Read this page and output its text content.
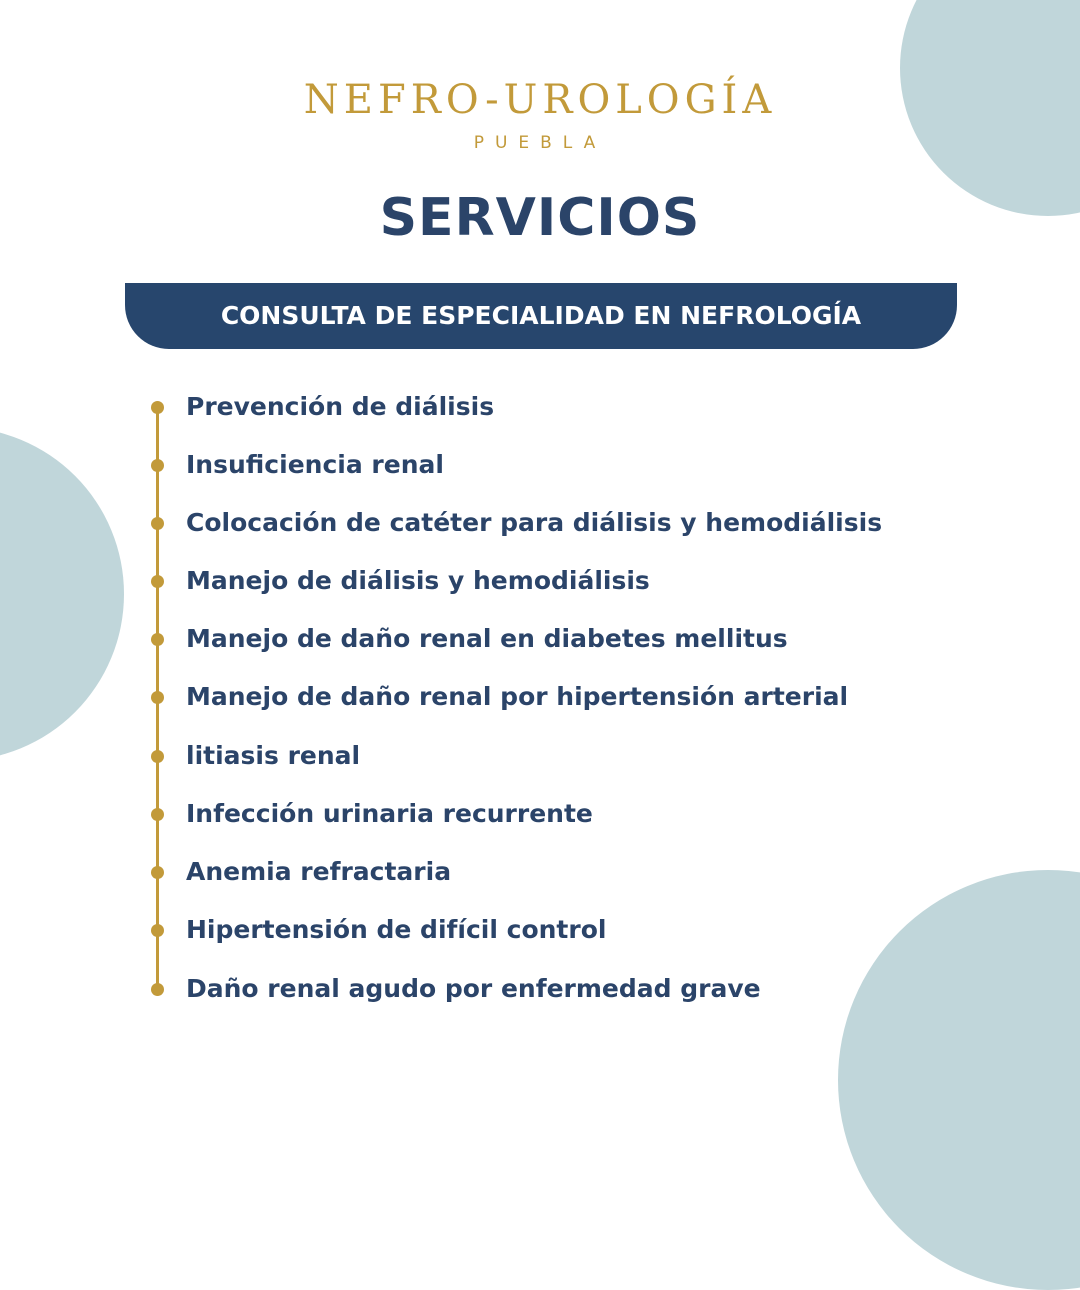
NEFRO-UROLOGÍA
PUEBLA
SERVICIOS
CONSULTA DE ESPECIALIDAD EN NEFROLOGÍA
Prevención de diálisis
Insuficiencia renal
Colocación de catéter para diálisis y hemodiálisis
Manejo de diálisis y hemodiálisis
Manejo de daño renal en diabetes mellitus
Manejo de daño renal por hipertensión arterial
litiasis renal
Infección urinaria recurrente
Anemia refractaria
Hipertensión de difícil control
Daño renal agudo por enfermedad grave
